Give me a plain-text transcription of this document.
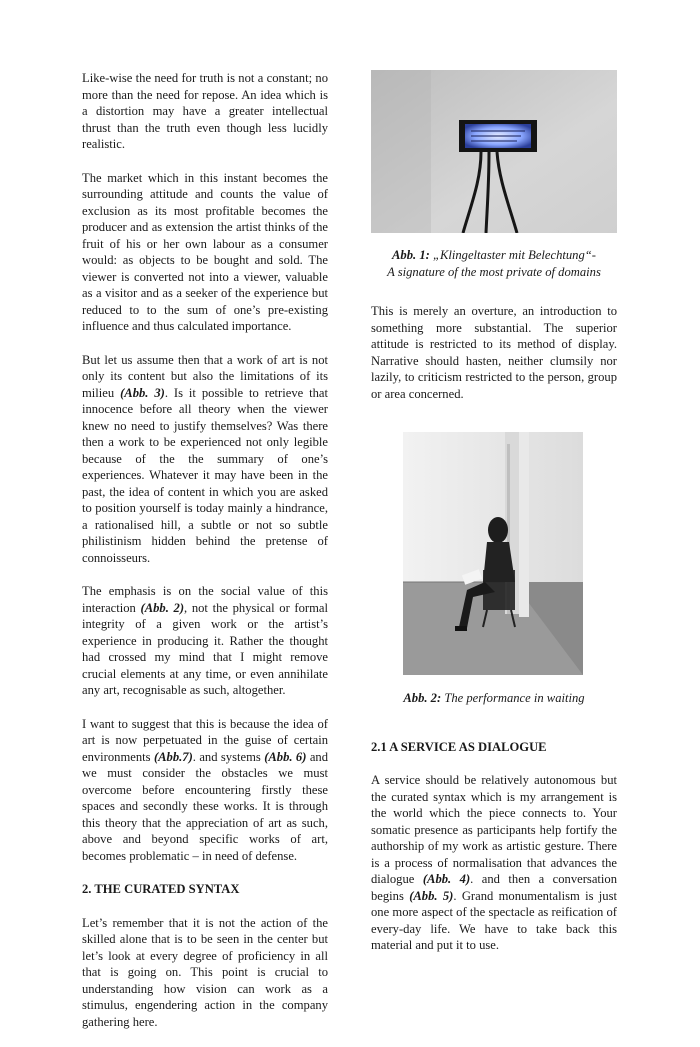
Like-wise the need for truth is not a constant; no more than the need for repose. An idea which is a distortion may have a greater intellectual thrust than the truth even though less lucidly realistic.

The market which in this instant becomes the surrounding attitude and counts the value of exclusion as its most profitable becomes the producer and as extension the artist thinks of the fruit of his or her own labour as a consumer would: as objects to be bought and sold. The viewer is converted not into a viewer, valuable as a visitor and as a seeker of the experience but reduced to to the sum of one’s pre-existing influence and thus calculated importance.

But let us assume then that a work of art is not only its content but also the limitations of its milieu (Abb. 3). Is it possible to retrieve that innocence before all theory when the viewer knew no need to justify themselves? Was there then a work to be experienced not only legible because of the the summary of one’s experiences. Whatever it may have been in the past, the idea of content in which you are asked to position yourself is today mainly a hindrance, a rationalised hill, a subtle or not so subtle philistinism hidden behind the pretense of connoisseurs.

The emphasis is on the social value of this interaction (Abb. 2), not the physical or formal integrity of a given work or the artist’s experience in producing it. Rather the thought had crossed my mind that I might remove crucial elements at any time, or even annihilate any art, recognisable as such, altogether.

I want to suggest that this is because the idea of art is now perpetuated in the guise of certain environments (Abb.7). and systems (Abb. 6) and we must consider the obstacles we must overcome before encountering firstly these spaces and secondly these works. It is through this theory that the appreciation of art as such, above and beyond specific works of art, becomes problematic – in need of defense.

2. THE CURATED SYNTAX

Let’s remember that it is not the action of the skilled alone that is to be seen in the center but let’s look at every degree of proficiency in all that is going on. This point is crucial to understanding how vision can work as a stimulus, engendering action in the company gathering here.

Abb. 1: „Klingeltaster mit Belechtung“-

A signature of the most private of domains

This is merely an overture, an introduction to something more substantial. The superior attitude is restricted to its method of display. Narrative should hasten, neither clumsily nor lazily, to criticism restricted to the person, group or area concerned.

Abb. 2: The performance in waiting

2.1 A SERVICE AS DIALOGUE

A service should be relatively autonomous but the curated syntax which is my arrangement is the world which the piece connects to. Your somatic presence as participants help fortify the authorship of my work as artistic gesture. There is a process of normalisation that advances the dialogue (Abb. 4). and then a conversation begins (Abb. 5). Grand monumentalism is just one more aspect of the spectacle as reification of every-day life. We have to take back this material and put it to use.
